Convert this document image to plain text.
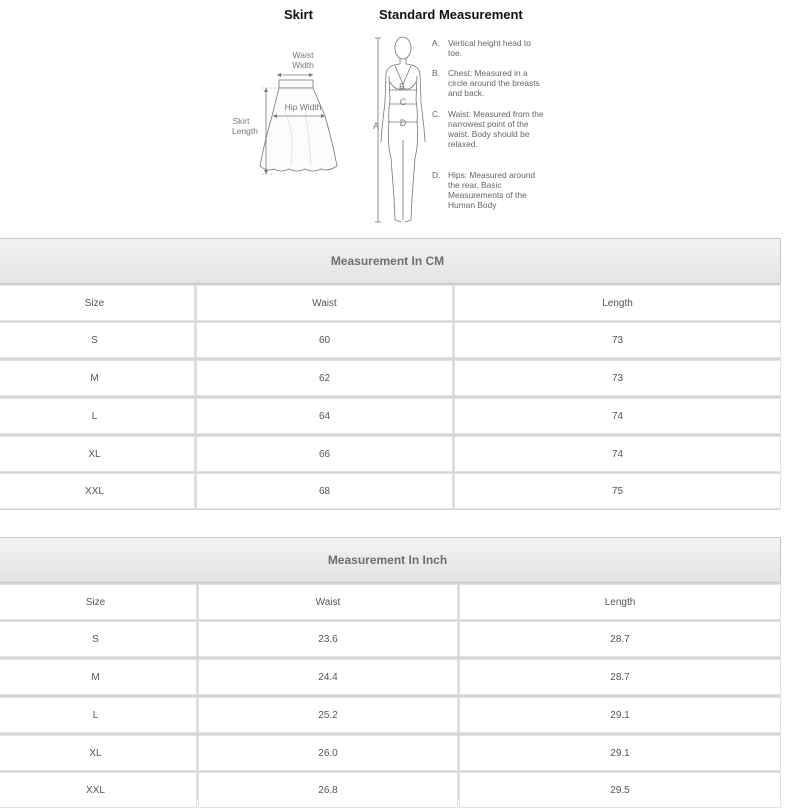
Skirt	Standard Measurement
Waist
Width
Hip Width
Skirt
Length
B
C
D
A
A. Vertical height head to toe.
B. Chest: Measured in a circle around the breasts and back.
C. Waist: Measured from the narrowest point of the waist. Body should be relaxed.
D. Hips: Measured around the rear. Basic Measurements of the Human Body
Measurement In CM
Size	Waist	Length
S	60	73
M	62	73
L	64	74
XL	66	74
XXL	68	75
Measurement In Inch
Size	Waist	Length
S	23.6	28.7
M	24.4	28.7
L	25.2	29.1
XL	26.0	29.1
XXL	26.8	29.5
